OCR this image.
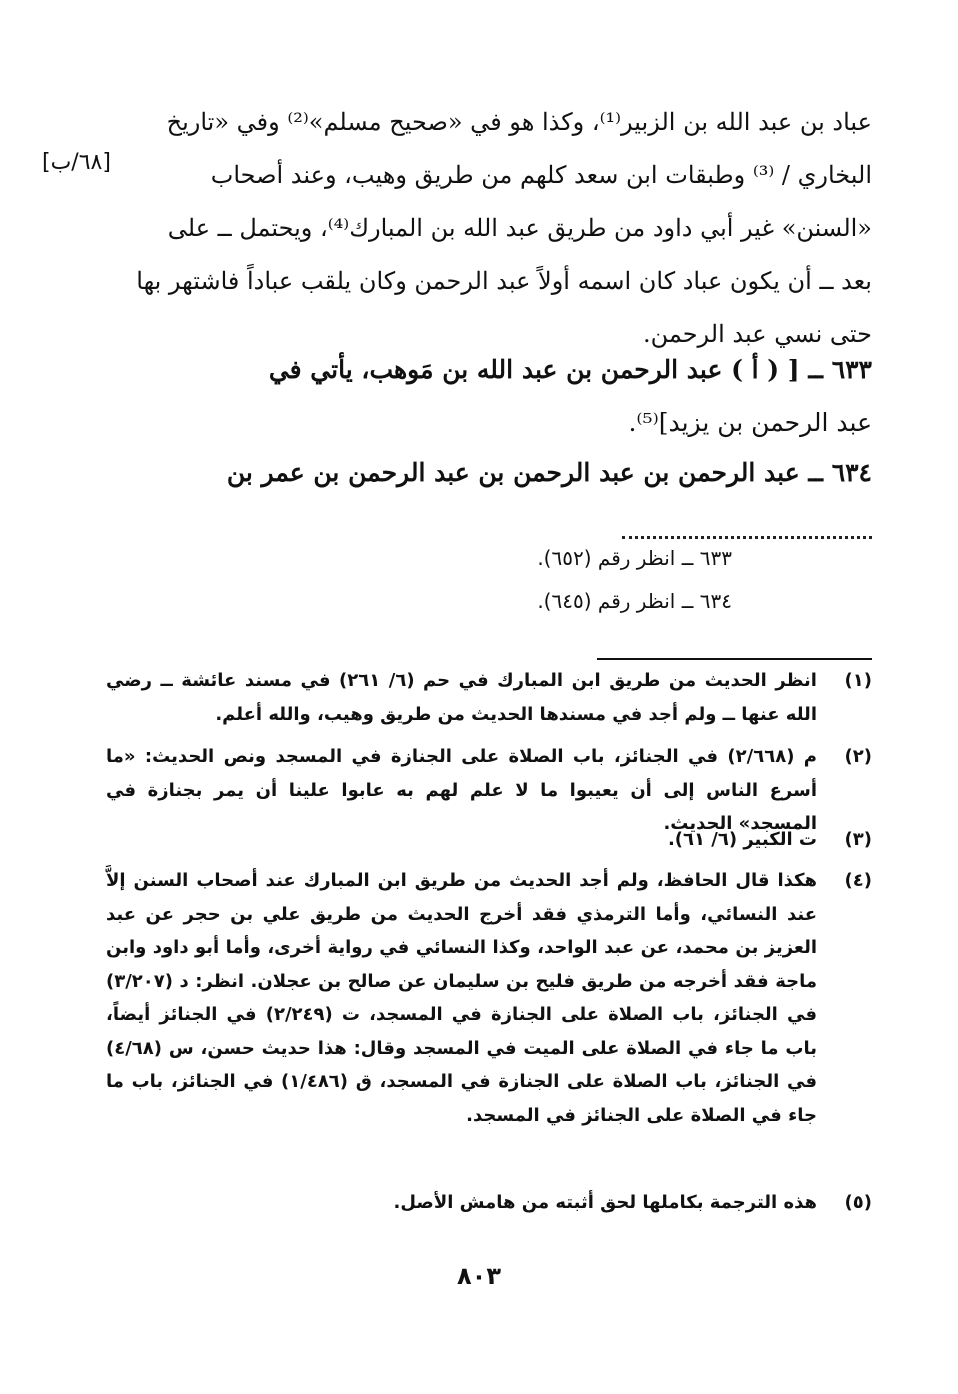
[٦٨/ب]

عباد بن عبد الله بن الزبير⁽¹⁾، وكذا هو في «صحيح مسلم»⁽²⁾ وفي «تاريخ

البخاري / ⁽³⁾ وطبقات ابن سعد كلهم من طريق وهيب، وعند أصحاب

«السنن» غير أبي داود من طريق عبد الله بن المبارك⁽⁴⁾، ويحتمل ــ على

بعد ــ أن يكون عباد كان اسمه أولاً عبد الرحمن وكان يلقب عباداً فاشتهر بها

حتى نسي عبد الرحمن.

٦٣٣ ــ [ ( أ ) عبد الرحمن بن عبد الله بن مَوهب، يأتي في
عبد الرحمن بن يزيد]⁽⁵⁾.
٦٣٤ ــ عبد الرحمن بن عبد الرحمن بن عبد الرحمن بن عمر بن
٦٣٣ ــ انظر رقم (٦٥٢).
٦٣٤ ــ انظر رقم (٦٤٥).
(١)
انظر الحديث من طريق ابن المبارك في حم (٦/ ٢٦١) في مسند عائشة ــ رضي الله عنها ــ ولم أجد في مسندها الحديث من طريق وهيب، والله أعلم.
(٢)
م (٢/٦٦٨) في الجنائز، باب الصلاة على الجنازة في المسجد ونص الحديث: «ما أسرع الناس إلى أن يعيبوا ما لا علم لهم به عابوا علينا أن يمر بجنازة في المسجد» الحديث.
(٣)
ت الكبير (٦/ ٦١).
(٤)
هكذا قال الحافظ، ولم أجد الحديث من طريق ابن المبارك عند أصحاب السنن إلاَّ عند النسائي، وأما الترمذي فقد أخرج الحديث من طريق علي بن حجر عن عبد العزيز بن محمد، عن عبد الواحد، وكذا النسائي في رواية أخرى، وأما أبو داود وابن ماجة فقد أخرجه من طريق فليح بن سليمان عن صالح بن عجلان. انظر: د (٣/٢٠٧) في الجنائز، باب الصلاة على الجنازة في المسجد، ت (٢/٢٤٩) في الجنائز أيضاً، باب ما جاء في الصلاة على الميت في المسجد وقال: هذا حديث حسن، س (٤/٦٨) في الجنائز، باب الصلاة على الجنازة في المسجد، ق (١/٤٨٦) في الجنائز، باب ما جاء في الصلاة على الجنائز في المسجد.
(٥)
هذه الترجمة بكاملها لحق أثبته من هامش الأصل.
٨٠٣
